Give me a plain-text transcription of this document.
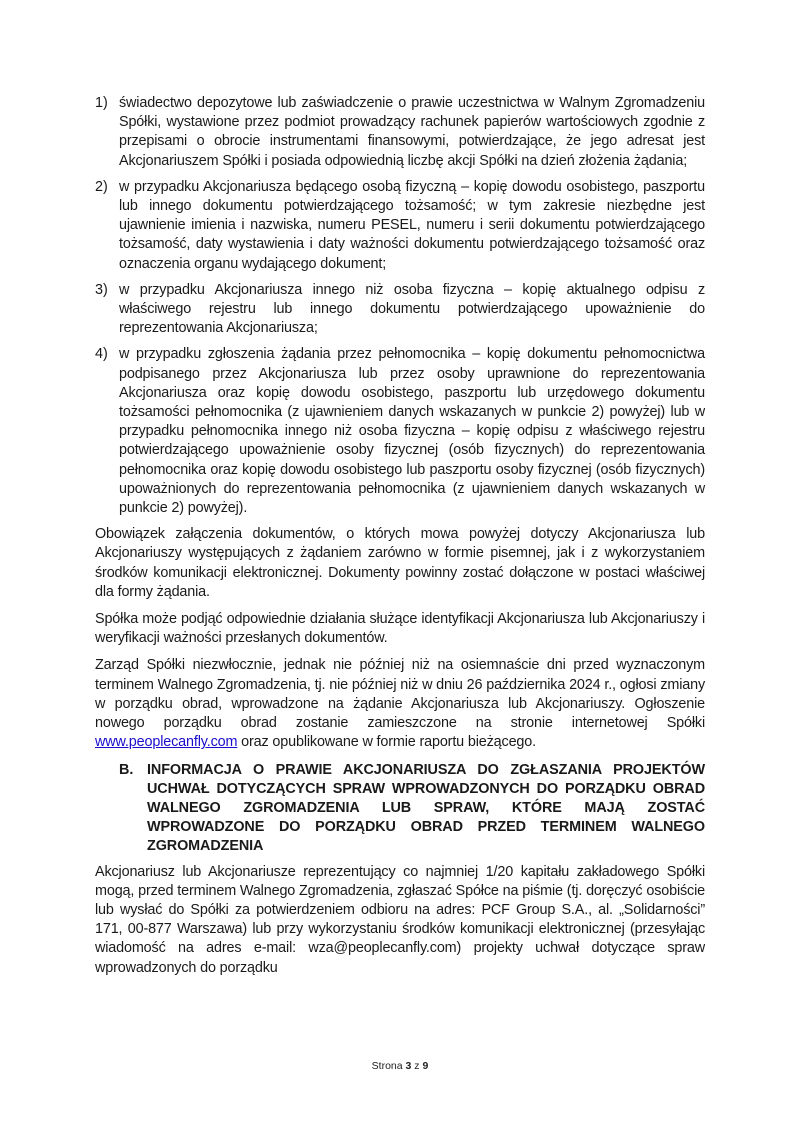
1) świadectwo depozytowe lub zaświadczenie o prawie uczestnictwa w Walnym Zgromadzeniu Spółki, wystawione przez podmiot prowadzący rachunek papierów wartościowych zgodnie z przepisami o obrocie instrumentami finansowymi, potwierdzające, że jego adresat jest Akcjonariuszem Spółki i posiada odpowiednią liczbę akcji Spółki na dzień złożenia żądania;
2) w przypadku Akcjonariusza będącego osobą fizyczną – kopię dowodu osobistego, paszportu lub innego dokumentu potwierdzającego tożsamość; w tym zakresie niezbędne jest ujawnienie imienia i nazwiska, numeru PESEL, numeru i serii dokumentu potwierdzającego tożsamość, daty wystawienia i daty ważności dokumentu potwierdzającego tożsamość oraz oznaczenia organu wydającego dokument;
3) w przypadku Akcjonariusza innego niż osoba fizyczna – kopię aktualnego odpisu z właściwego rejestru lub innego dokumentu potwierdzającego upoważnienie do reprezentowania Akcjonariusza;
4) w przypadku zgłoszenia żądania przez pełnomocnika – kopię dokumentu pełnomocnictwa podpisanego przez Akcjonariusza lub przez osoby uprawnione do reprezentowania Akcjonariusza oraz kopię dowodu osobistego, paszportu lub urzędowego dokumentu tożsamości pełnomocnika (z ujawnieniem danych wskazanych w punkcie 2) powyżej) lub w przypadku pełnomocnika innego niż osoba fizyczna – kopię odpisu z właściwego rejestru potwierdzającego upoważnienie osoby fizycznej (osób fizycznych) do reprezentowania pełnomocnika oraz kopię dowodu osobistego lub paszportu osoby fizycznej (osób fizycznych) upoważnionych do reprezentowania pełnomocnika (z ujawnieniem danych wskazanych w punkcie 2) powyżej).

Obowiązek załączenia dokumentów, o których mowa powyżej dotyczy Akcjonariusza lub Akcjonariuszy występujących z żądaniem zarówno w formie pisemnej, jak i z wykorzystaniem środków komunikacji elektronicznej. Dokumenty powinny zostać dołączone w postaci właściwej dla formy żądania.

Spółka może podjąć odpowiednie działania służące identyfikacji Akcjonariusza lub Akcjonariuszy i weryfikacji ważności przesłanych dokumentów.

Zarząd Spółki niezwłocznie, jednak nie później niż na osiemnaście dni przed wyznaczonym terminem Walnego Zgromadzenia, tj. nie później niż w dniu 26 października 2024 r., ogłosi zmiany w porządku obrad, wprowadzone na żądanie Akcjonariusza lub Akcjonariuszy. Ogłoszenie nowego porządku obrad zostanie zamieszczone na stronie internetowej Spółki www.peoplecanfly.com oraz opublikowane w formie raportu bieżącego.

B. INFORMACJA O PRAWIE AKCJONARIUSZA DO ZGŁASZANIA PROJEKTÓW UCHWAŁ DOTYCZĄCYCH SPRAW WPROWADZONYCH DO PORZĄDKU OBRAD WALNEGO ZGROMADZENIA LUB SPRAW, KTÓRE MAJĄ ZOSTAĆ WPROWADZONE DO PORZĄDKU OBRAD PRZED TERMINEM WALNEGO ZGROMADZENIA

Akcjonariusz lub Akcjonariusze reprezentujący co najmniej 1/20 kapitału zakładowego Spółki mogą, przed terminem Walnego Zgromadzenia, zgłaszać Spółce na piśmie (tj. doręczyć osobiście lub wysłać do Spółki za potwierdzeniem odbioru na adres: PCF Group S.A., al. „Solidarności” 171, 00-877 Warszawa) lub przy wykorzystaniu środków komunikacji elektronicznej (przesyłając wiadomość na adres e-mail: wza@peoplecanfly.com) projekty uchwał dotyczące spraw wprowadzonych do porządku

Strona 3 z 9
